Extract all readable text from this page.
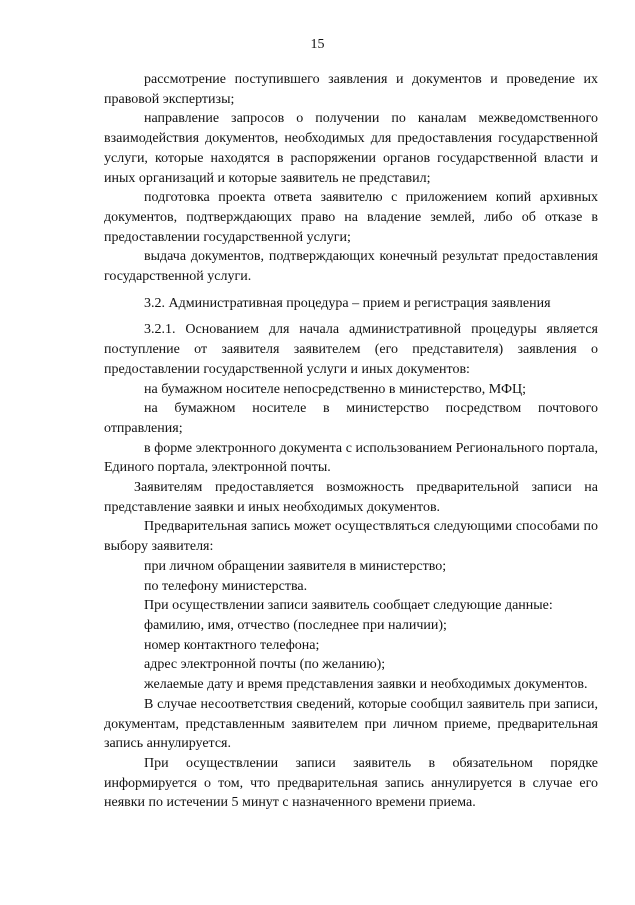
15

рассмотрение поступившего заявления и документов и проведение их правовой экспертизы;

направление запросов о получении по каналам межведомственного взаимодействия документов, необходимых для предоставления государственной услуги, которые находятся в распоряжении органов государственной власти и иных организаций и которые заявитель не представил;

подготовка проекта ответа заявителю с приложением копий архивных документов, подтверждающих право на владение землей, либо об отказе в предоставлении государственной услуги;

выдача документов, подтверждающих конечный результат предоставления государственной услуги.

3.2. Административная процедура – прием и регистрация заявления

3.2.1. Основанием для начала административной процедуры является поступление от заявителя заявителем (его представителя) заявления о предоставлении государственной услуги и иных документов:

на бумажном носителе непосредственно в министерство, МФЦ;

на бумажном носителе в министерство посредством почтового отправления;

в форме электронного документа с использованием Регионального портала, Единого портала, электронной почты.

Заявителям предоставляется возможность предварительной записи на представление заявки и иных необходимых документов.

Предварительная запись может осуществляться следующими способами по выбору заявителя:

при личном обращении заявителя в министерство;

по телефону министерства.

При осуществлении записи заявитель сообщает следующие данные:

фамилию, имя, отчество (последнее при наличии);

номер контактного телефона;

адрес электронной почты (по желанию);

желаемые дату и время представления заявки и необходимых документов.

В случае несоответствия сведений, которые сообщил заявитель при записи, документам, представленным заявителем при личном приеме, предварительная запись аннулируется.

При осуществлении записи заявитель в обязательном порядке информируется о том, что предварительная запись аннулируется в случае его неявки по истечении 5 минут с назначенного времени приема.
